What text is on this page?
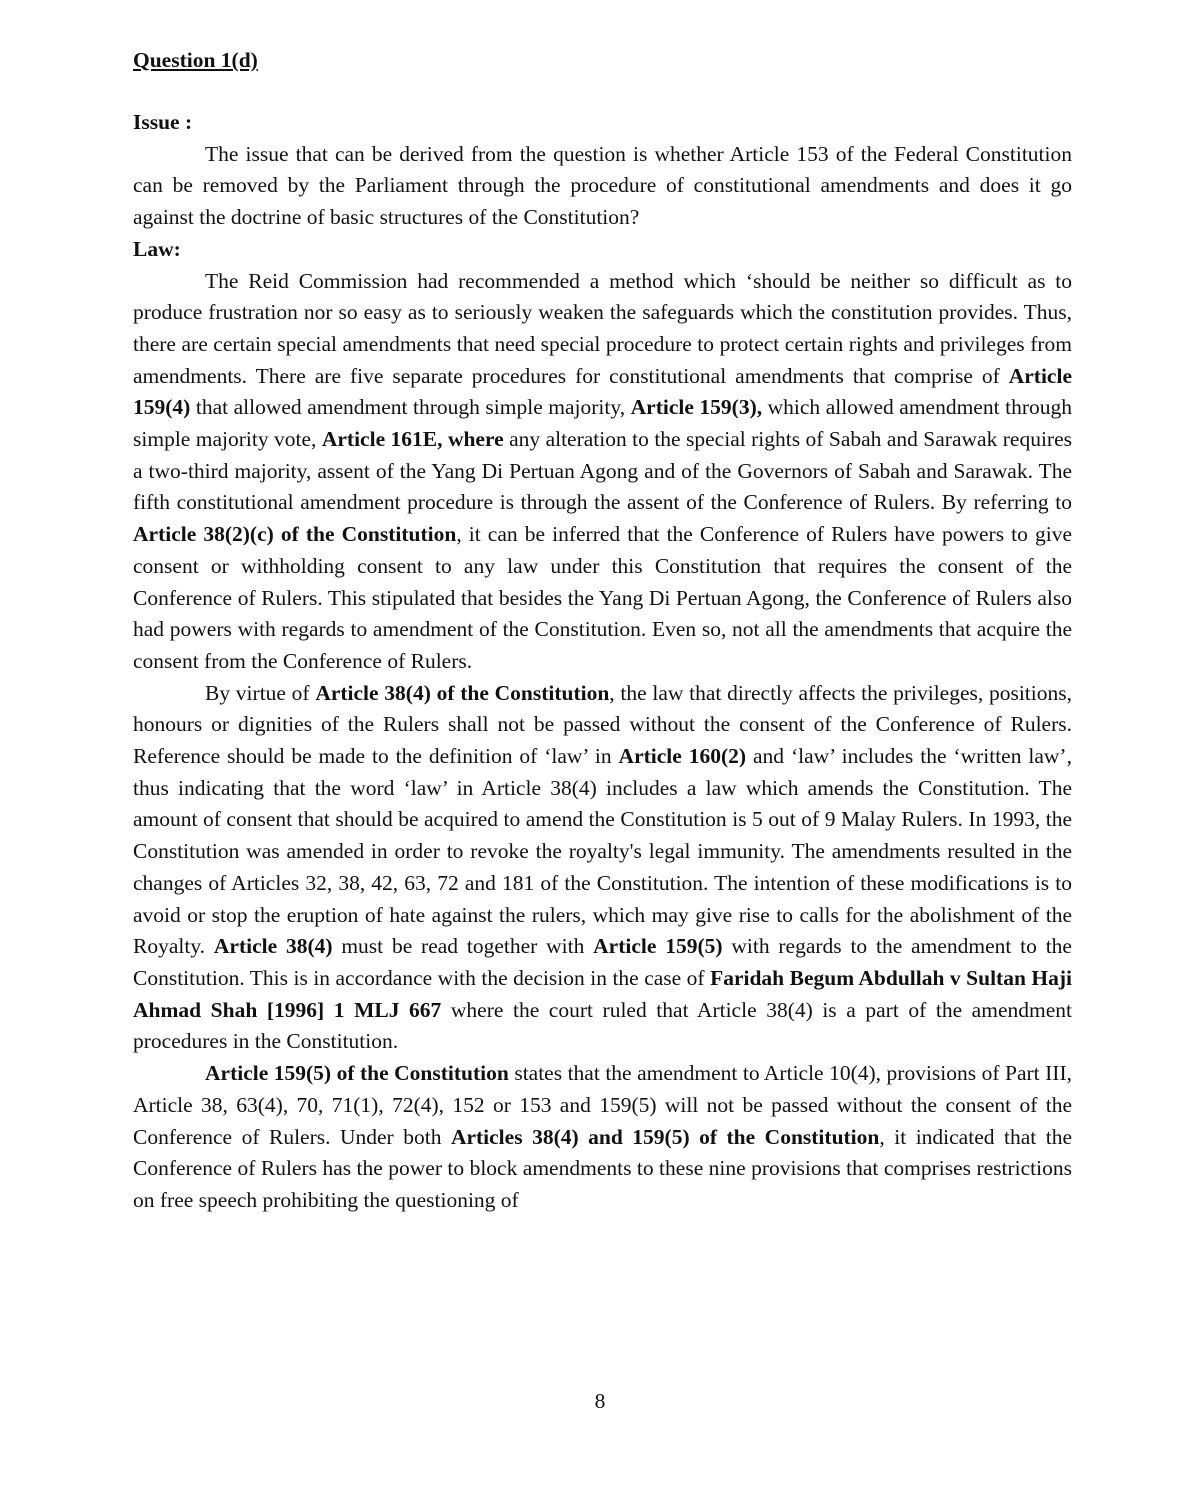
Question 1(d)
Issue :

The issue that can be derived from the question is whether Article 153 of the Federal Constitution can be removed by the Parliament through the procedure of constitutional amendments and does it go against the doctrine of basic structures of the Constitution?

Law:

The Reid Commission had recommended a method which ‘should be neither so difficult as to produce frustration nor so easy as to seriously weaken the safeguards which the constitution provides. Thus, there are certain special amendments that need special procedure to protect certain rights and privileges from amendments. There are five separate procedures for constitutional amendments that comprise of Article 159(4) that allowed amendment through simple majority, Article 159(3), which allowed amendment through simple majority vote, Article 161E, where any alteration to the special rights of Sabah and Sarawak requires a two-third majority, assent of the Yang Di Pertuan Agong and of the Governors of Sabah and Sarawak. The fifth constitutional amendment procedure is through the assent of the Conference of Rulers. By referring to Article 38(2)(c) of the Constitution, it can be inferred that the Conference of Rulers have powers to give consent or withholding consent to any law under this Constitution that requires the consent of the Conference of Rulers. This stipulated that besides the Yang Di Pertuan Agong, the Conference of Rulers also had powers with regards to amendment of the Constitution. Even so, not all the amendments that acquire the consent from the Conference of Rulers.

By virtue of Article 38(4) of the Constitution, the law that directly affects the privileges, positions, honours or dignities of the Rulers shall not be passed without the consent of the Conference of Rulers. Reference should be made to the definition of ‘law’ in Article 160(2) and ‘law’ includes the ‘written law’, thus indicating that the word ‘law’ in Article 38(4) includes a law which amends the Constitution. The amount of consent that should be acquired to amend the Constitution is 5 out of 9 Malay Rulers. In 1993, the Constitution was amended in order to revoke the royalty's legal immunity. The amendments resulted in the changes of Articles 32, 38, 42, 63, 72 and 181 of the Constitution. The intention of these modifications is to avoid or stop the eruption of hate against the rulers, which may give rise to calls for the abolishment of the Royalty. Article 38(4) must be read together with Article 159(5) with regards to the amendment to the Constitution. This is in accordance with the decision in the case of Faridah Begum Abdullah v Sultan Haji Ahmad Shah [1996] 1 MLJ 667 where the court ruled that Article 38(4) is a part of the amendment procedures in the Constitution.

Article 159(5) of the Constitution states that the amendment to Article 10(4), provisions of Part III, Article 38, 63(4), 70, 71(1), 72(4), 152 or 153 and 159(5) will not be passed without the consent of the Conference of Rulers. Under both Articles 38(4) and 159(5) of the Constitution, it indicated that the Conference of Rulers has the power to block amendments to these nine provisions that comprises restrictions on free speech prohibiting the questioning of

8
